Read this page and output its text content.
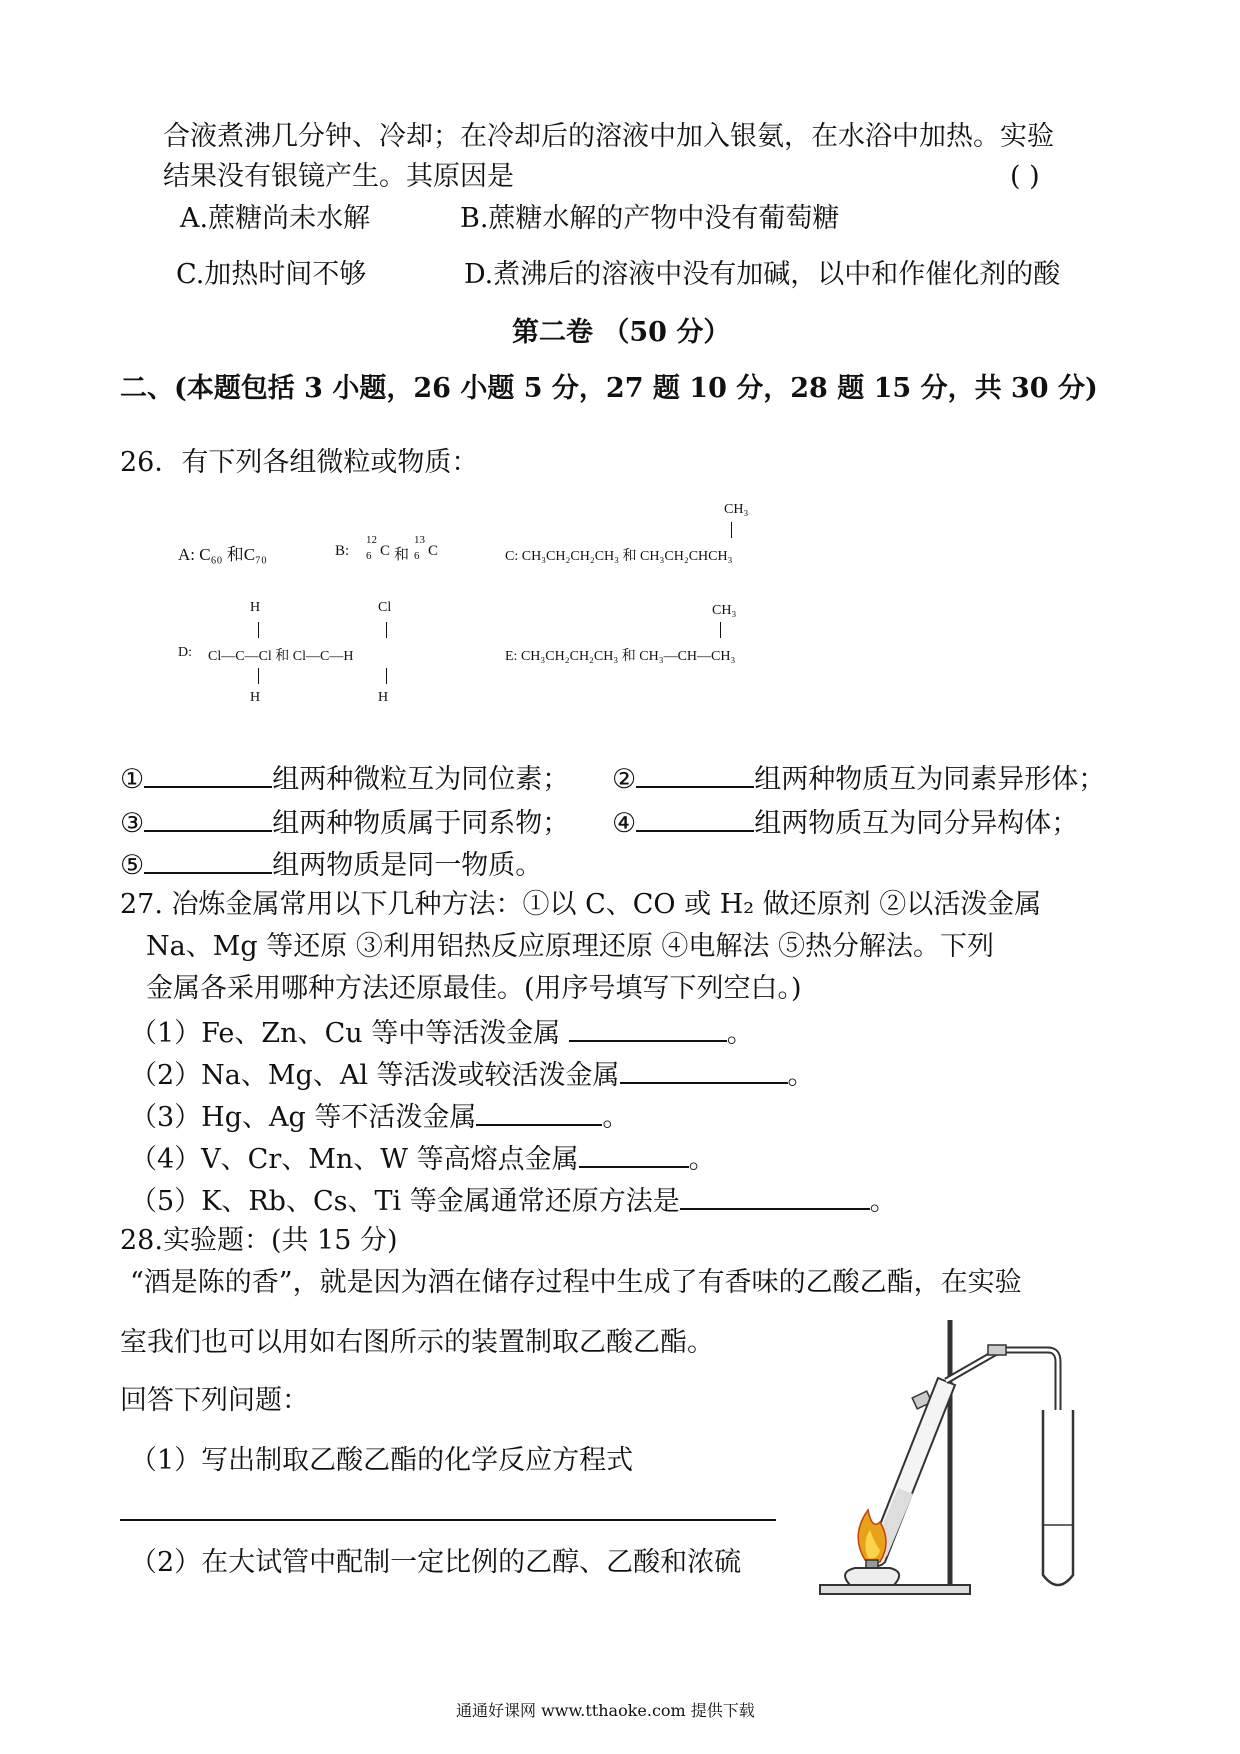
合液煮沸几分钟、冷却；在冷却后的溶液中加入银氨，在水浴中加热。实验
结果没有银镜产生。其原因是	( )
A.蔗糖尚未水解	B.蔗糖水解的产物中没有葡萄糖
C.加热时间不够	D.煮沸后的溶液中没有加碱，以中和作催化剂的酸
第二卷 （50 分）
二、(本题包括 3 小题，26 小题 5 分，27 题 10 分，28 题 15 分，共 30 分)
26．有下列各组微粒或物质：
A: C₆₀ 和C₇₀	B:
12
6 C 和
13
6 C	C: CH₃CH₂CH₂CH₃ 和 CH₃CH₂CHCH₃
CH₃
D:
H
Cl—C—Cl 和 Cl—C—H
H
Cl
H
E: CH₃CH₂CH₂CH₃ 和 CH₃—CH—CH₃
CH₃
①	组两种微粒互为同位素； ②	组两种物质互为同素异形体；
③	组两种物质属于同系物； ④	组两物质互为同分异构体；
⑤	组两物质是同一物质。
27. 冶炼金属常用以下几种方法：①以 C、CO 或 H₂ 做还原剂 ②以活泼金属
Na、Mg 等还原 ③利用铝热反应原理还原 ④电解法 ⑤热分解法。下列
金属各采用哪种方法还原最佳。(用序号填写下列空白。)
（1）Fe、Zn、Cu 等中等活泼金属	。
（2）Na、Mg、Al 等活泼或较活泼金属	。
（3）Hg、Ag 等不活泼金属	。
（4）V、Cr、Mn、W 等高熔点金属	。
（5）K、Rb、Cs、Ti 等金属通常还原方法是	。
28.实验题：(共 15 分)
“酒是陈的香”，就是因为酒在储存过程中生成了有香味的乙酸乙酯，在实验
室我们也可以用如右图所示的装置制取乙酸乙酯。
回答下列问题：
（1）写出制取乙酸乙酯的化学反应方程式
（2）在大试管中配制一定比例的乙醇、乙酸和浓硫
通通好课网 www.tthaoke.com 提供下载
